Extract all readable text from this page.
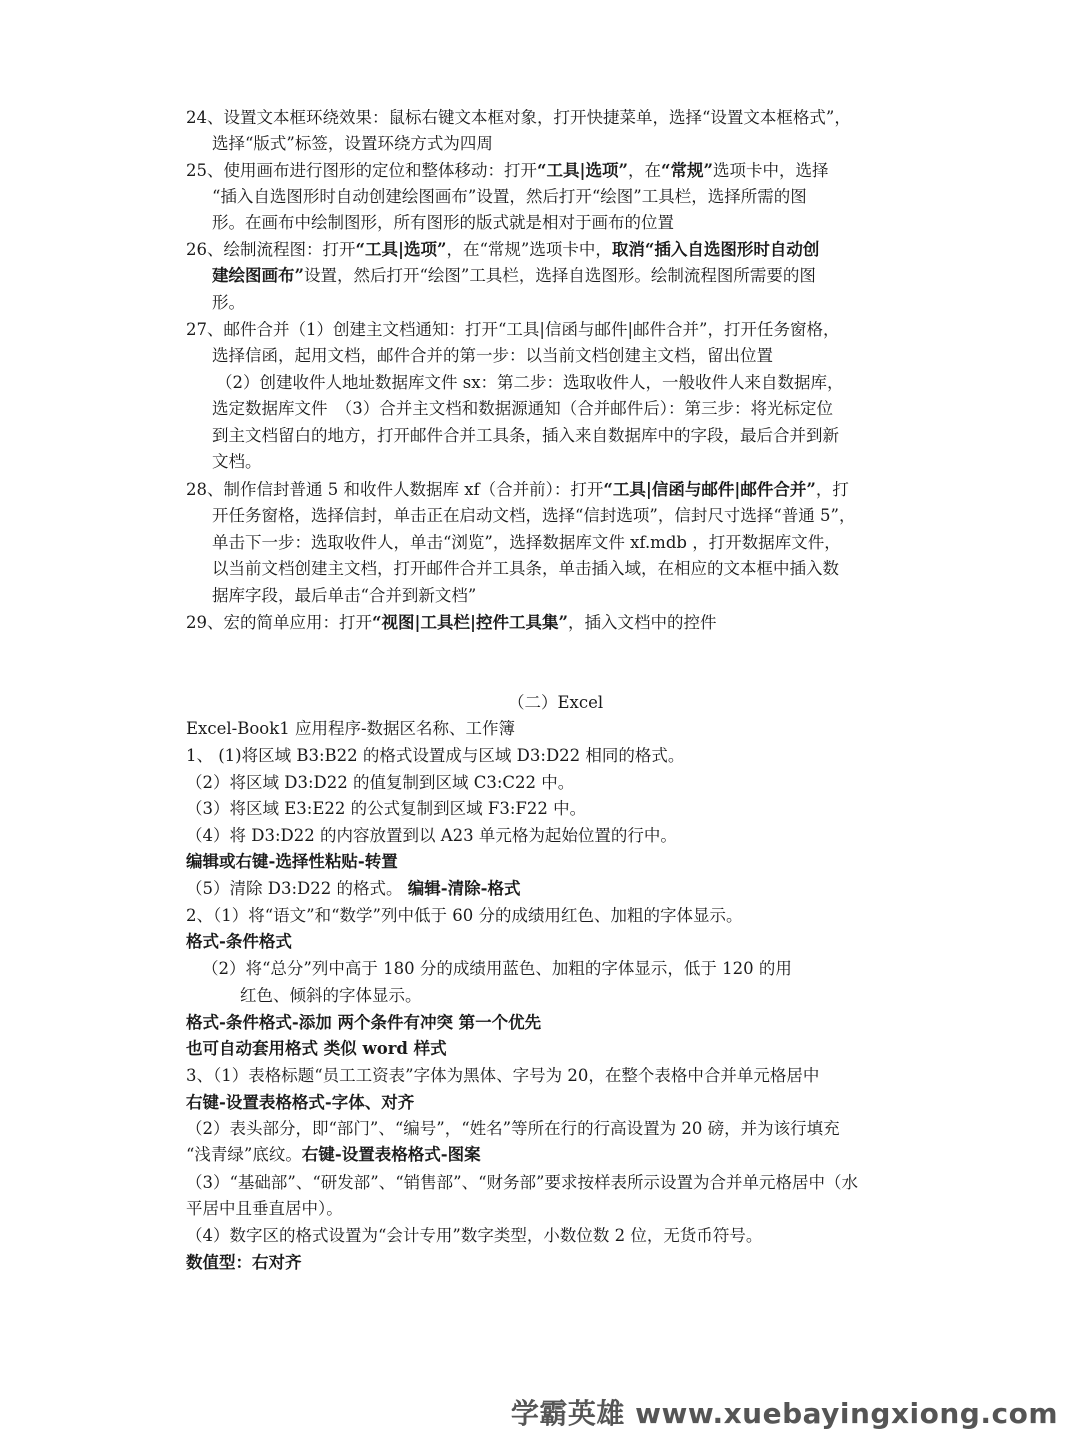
24、设置文本框环绕效果：鼠标右键文本框对象，打开快捷菜单，选择“设置文本框格式”，
选择“版式”标签，设置环绕方式为四周
25、使用画布进行图形的定位和整体移动：打开“工具|选项”，在“常规”选项卡中，选择
“插入自选图形时自动创建绘图画布”设置，然后打开“绘图”工具栏，选择所需的图
形。在画布中绘制图形，所有图形的版式就是相对于画布的位置
26、绘制流程图：打开“工具|选项”，在“常规”选项卡中，取消“插入自选图形时自动创
建绘图画布”设置，然后打开“绘图”工具栏，选择自选图形。绘制流程图所需要的图
形。
27、邮件合并（1）创建主文档通知：打开“工具|信函与邮件|邮件合并”，打开任务窗格，
选择信函，起用文档，邮件合并的第一步：以当前文档创建主文档，留出位置
（2）创建收件人地址数据库文件 sx：第二步：选取收件人，一般收件人来自数据库，
选定数据库文件　（3）合并主文档和数据源通知（合并邮件后）：第三步：将光标定位
到主文档留白的地方，打开邮件合并工具条，插入来自数据库中的字段，最后合并到新
文档。
28、制作信封普通 5 和收件人数据库 xf（合并前）：打开“工具|信函与邮件|邮件合并”，打
开任务窗格，选择信封，单击正在启动文档，选择“信封选项”，信封尺寸选择“普通 5”，
单击下一步：选取收件人，单击“浏览”，选择数据库文件 xf.mdb ，打开数据库文件，
以当前文档创建主文档，打开邮件合并工具条，单击插入域，在相应的文本框中插入数
据库字段，最后单击“合并到新文档”
29、宏的简单应用：打开“视图|工具栏|控件工具集”，插入文档中的控件
（二）Excel
Excel-Book1 应用程序-数据区名称、工作簿
1、 (1)将区域 B3:B22 的格式设置成与区域 D3:D22 相同的格式。
（2）将区域 D3:D22 的值复制到区域 C3:C22 中。
（3）将区域 E3:E22 的公式复制到区域 F3:F22 中。
（4）将 D3:D22 的内容放置到以 A23 单元格为起始位置的行中。
编辑或右键-选择性粘贴-转置
（5）清除 D3:D22 的格式。 编辑-清除-格式
2、（1）将“语文”和“数学”列中低于 60 分的成绩用红色、加粗的字体显示。
格式-条件格式
（2）将“总分”列中高于 180 分的成绩用蓝色、加粗的字体显示，低于 120 的用
红色、倾斜的字体显示。
格式-条件格式-添加 两个条件有冲突 第一个优先
也可自动套用格式 类似 word 样式
3、（1）表格标题“员工工资表”字体为黑体、字号为 20，在整个表格中合并单元格居中
右键-设置表格格式-字体、对齐
（2）表头部分，即“部门”、“编号”，“姓名”等所在行的行高设置为 20 磅，并为该行填充
“浅青绿”底纹。右键-设置表格格式-图案
（3）“基础部”、“研发部”、“销售部”、“财务部”要求按样表所示设置为合并单元格居中（水
平居中且垂直居中）。
（4）数字区的格式设置为“会计专用”数字类型，小数位数 2 位，无货币符号。
数值型：右对齐
学霸英雄 www.xuebayingxiong.com
